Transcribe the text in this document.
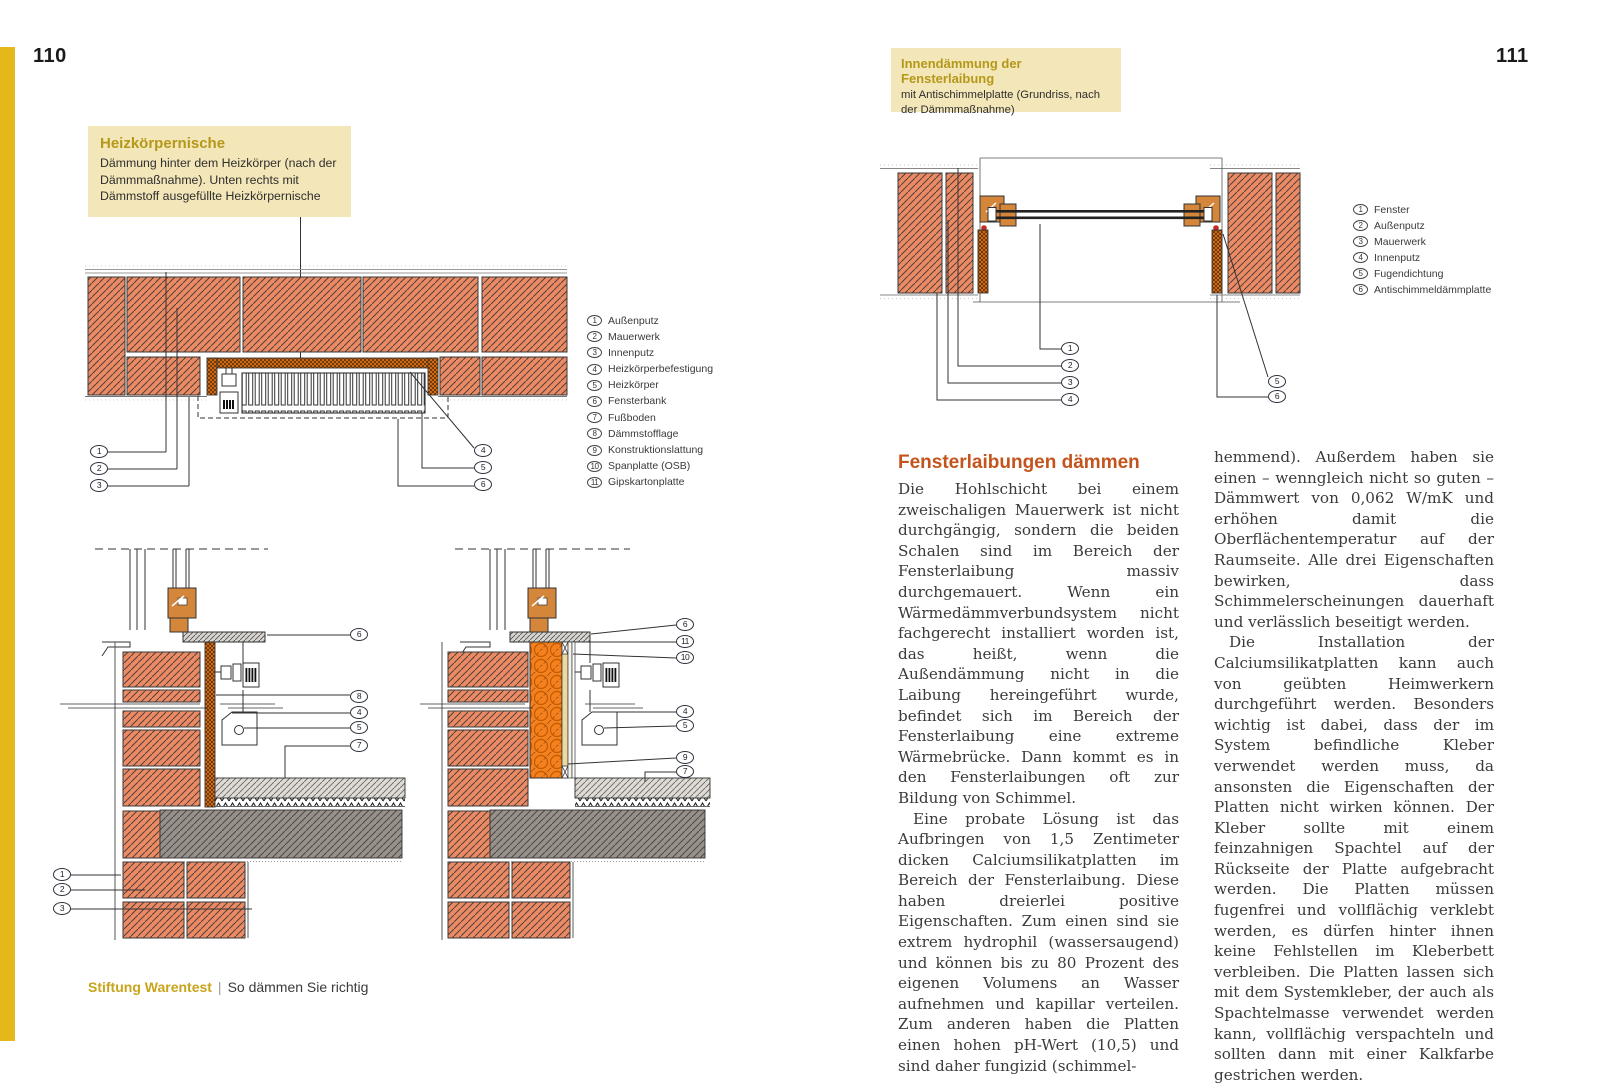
110	111
Heizkörpernische
Dämmung hinter dem Heizkörper (nach der Dämmmaßnahme). Unten rechts mit Dämmstoff ausgefüllte Heizkörpernische
Innendämmung der Fensterlaibung
mit Antischimmelplatte (Grundriss, nach der Dämmmaßnahme)
1
2
3
4
5
6
6
8
4
5
7
1
2
3
6
11
10
4
5
9
7
1
2
3
4
5
6
1	Außenputz
2	Mauerwerk
3	Innenputz
4	Heizkörperbefestigung
5	Heizkörper
6	Fensterbank
7	Fußboden
8	Dämmstofflage
9	Konstruktionslattung
10 Spanplatte (OSB)
11 Gipskartonplatte
1	Fenster
2	Außenputz
3	Mauerwerk
4	Innenputz
5	Fugendichtung
6	Antischimmeldämmplatte
Fensterlaibungen dämmen

Die Hohlschicht bei einem zweischaligen Mauerwerk ist nicht durchgängig, sondern die beiden Schalen sind im Bereich der Fensterlaibung massiv durchgemauert. Wenn ein Wärmedämmverbundsystem nicht fachgerecht installiert worden ist, das heißt, wenn die Außendämmung nicht in die Laibung hereingeführt wurde, befindet sich im Bereich der Fensterlaibung eine extreme Wärmebrücke. Dann kommt es in den Fensterlaibungen oft zur Bildung von Schimmel.

Eine probate Lösung ist das Aufbringen von 1,5 Zentimeter dicken Calciumsilikatplatten im Bereich der Fensterlaibung. Diese haben dreierlei positive Eigenschaften. Zum einen sind sie extrem hydrophil (wassersaugend) und können bis zu 80 Prozent des eigenen Volumens an Wasser aufnehmen und kapillar verteilen. Zum anderen haben die Platten einen hohen pH-Wert (10,5) und sind daher fungizid (schimmel-

hemmend). Außerdem haben sie einen – wenngleich nicht so guten – Dämmwert von 0,062 W/mK und erhöhen damit die Oberflächentemperatur auf der Raumseite. Alle drei Eigenschaften bewirken, dass Schimmelerscheinungen dauerhaft und verlässlich beseitigt werden.

Die Installation der Calciumsilikatplatten kann auch von geübten Heimwerkern durchgeführt werden. Besonders wichtig ist dabei, dass der im System befindliche Kleber verwendet werden muss, da ansonsten die Eigenschaften der Platten nicht wirken können. Der Kleber sollte mit einem feinzahnigen Spachtel auf der Rückseite der Platte aufgebracht werden. Die Platten müssen fugenfrei und vollflächig verklebt werden, es dürfen hinter ihnen keine Fehlstellen im Kleberbett verbleiben. Die Platten lassen sich mit dem Systemkleber, der auch als Spachtelmasse verwendet werden kann, vollflächig verspachteln und sollten dann mit einer Kalkfarbe gestrichen werden.

Stiftung Warentest | So dämmen Sie richtig
